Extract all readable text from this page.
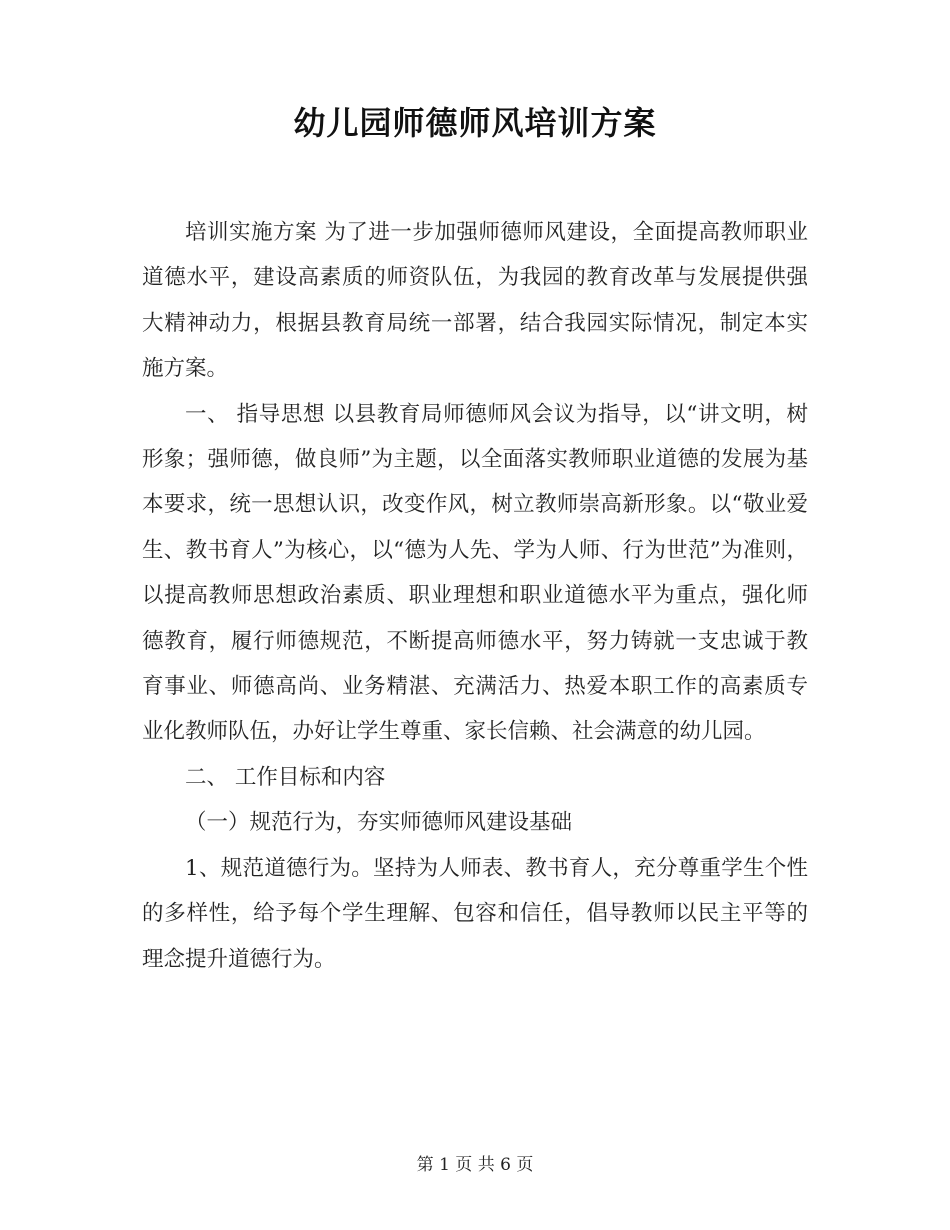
幼儿园师德师风培训方案

培训实施方案 为了进一步加强师德师风建设，全面提高教师职业道德水平，建设高素质的师资队伍，为我园的教育改革与发展提供强大精神动力，根据县教育局统一部署，结合我园实际情况，制定本实施方案。

一、 指导思想 以县教育局师德师风会议为指导，以“讲文明，树形象；强师德，做良师”为主题，以全面落实教师职业道德的发展为基本要求，统一思想认识，改变作风，树立教师崇高新形象。以“敬业爱生、教书育人”为核心，以“德为人先、学为人师、行为世范”为准则，以提高教师思想政治素质、职业理想和职业道德水平为重点，强化师德教育，履行师德规范，不断提高师德水平，努力铸就一支忠诚于教育事业、师德高尚、业务精湛、充满活力、热爱本职工作的高素质专业化教师队伍，办好让学生尊重、家长信赖、社会满意的幼儿园。

二、 工作目标和内容

（一）规范行为，夯实师德师风建设基础

1、规范道德行为。坚持为人师表、教书育人，充分尊重学生个性的多样性，给予每个学生理解、包容和信任，倡导教师以民主平等的理念提升道德行为。

第 1 页 共 6 页
